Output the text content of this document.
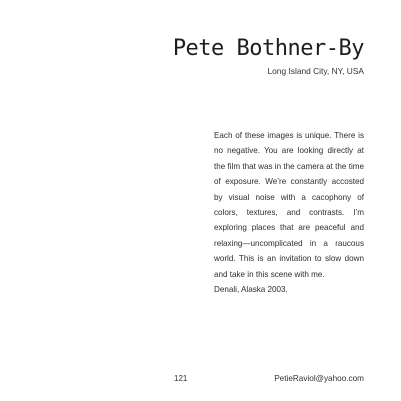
Pete Bothner-By
Long Island City, NY, USA

Each of these images is unique. There is no negative. You are looking directly at the film that was in the camera at the time of exposure. We’re constantly accosted by visual noise with a cacophony of colors, textures, and contrasts. I’m exploring places that are peaceful and relaxing—uncomplicated in a raucous world. This is an invitation to slow down and take in this scene with me.

Denali, Alaska 2003.

121	PetieRaviol@yahoo.com
